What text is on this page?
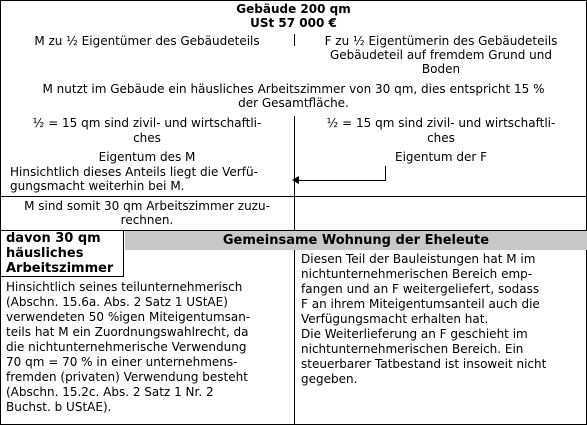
Gebäude 200 qm
USt 57 000 €
M zu ½ Eigentümer des Gebäudeteils	F zu ½ Eigentümerin des Gebäudeteils
Gebäudeteil auf fremdem Grund und
Boden
M nutzt im Gebäude ein häusliches Arbeitszimmer von 30 qm, dies entspricht 15 %
der Gesamtfläche.
½ = 15 qm sind zivil- und wirtschaftli-
ches
Eigentum des M
½ = 15 qm sind zivil- und wirtschaftli-
ches
Eigentum der F
Hinsichtlich dieses Anteils liegt die Verfü-
gungsmacht weiterhin bei M.
M sind somit 30 qm Arbeitszimmer zuzu-
rechnen.
davon 30 qm
häusliches
Arbeitszimmer
Gemeinsame Wohnung der Eheleute
Hinsichtlich seines teilunternehmerisch
(Abschn. 15.6a. Abs. 2 Satz 1 UStAE)
verwendeten 50 %igen Miteigentumsan-
teils hat M ein Zuordnungswahlrecht, da
die nichtunternehmerische Verwendung
70 qm = 70 % in einer unternehmens-
fremden (privaten) Verwendung besteht
(Abschn. 15.2c. Abs. 2 Satz 1 Nr. 2
Buchst. b UStAE).
Diesen Teil der Bauleistungen hat M im
nichtunternehmerischen Bereich emp-
fangen und an F weitergeliefert, sodass
F an ihrem Miteigentumsanteil auch die
Verfügungsmacht erhalten hat.
Die Weiterlieferung an F geschieht im
nichtunternehmerischen Bereich. Ein
steuerbarer Tatbestand ist insoweit nicht
gegeben.
